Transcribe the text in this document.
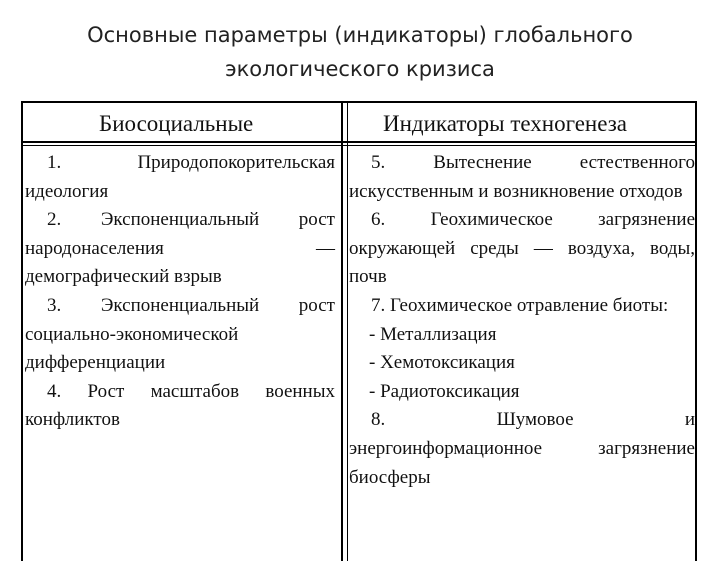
Основные параметры (индикаторы) глобального
экологического кризиса
Биосоциальные	Индикаторы техногенеза

1. Природопокорительская идеология

2. Экспоненциальный рост народонаселения — демографический взрыв

3. Экспоненциальный рост социально-экономической дифференциации

4. Рост масштабов военных конфликтов

5. Вытеснение естественного искусственным и возникновение отходов

6. Геохимическое загрязнение окружающей среды — воздуха, воды, почв

7. Геохимическое отравление биоты:

- Металлизация

- Хемотоксикация

- Радиотоксикация

8. Шумовое и

энергоинформационное загрязнение биосферы
